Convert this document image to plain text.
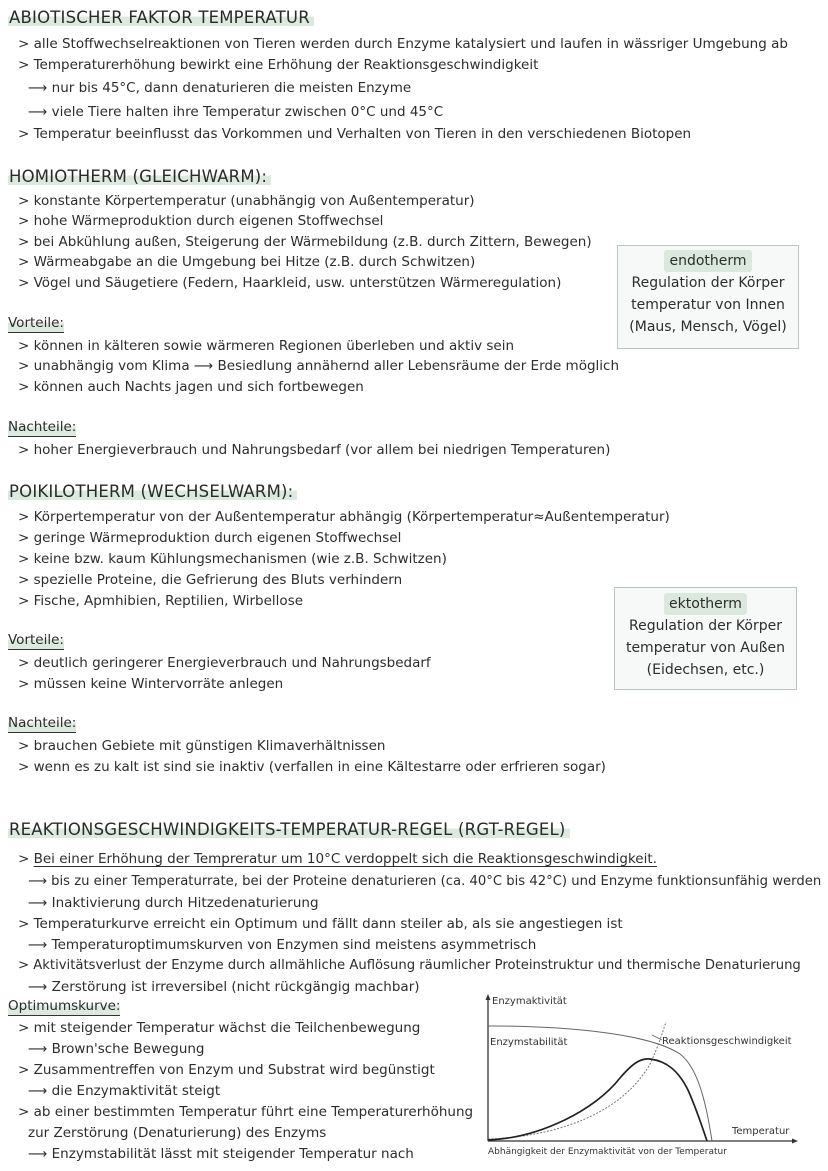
ABIOTISCHER FAKTOR TEMPERATUR
> alle Stoffwechselreaktionen von Tieren werden durch Enzyme katalysiert und laufen in wässriger Umgebung ab
> Temperaturerhöhung bewirkt eine Erhöhung der Reaktionsgeschwindigkeit
⟶ nur bis 45°C, dann denaturieren die meisten Enzyme
⟶ viele Tiere halten ihre Temperatur zwischen 0°C und 45°C
> Temperatur beeinflusst das Vorkommen und Verhalten von Tieren in den verschiedenen Biotopen
HOMIOTHERM (GLEICHWARM):
> konstante Körpertemperatur (unabhängig von Außentemperatur)
> hohe Wärmeproduktion durch eigenen Stoffwechsel
> bei Abkühlung außen, Steigerung der Wärmebildung (z.B. durch Zittern, Bewegen)
> Wärmeabgabe an die Umgebung bei Hitze (z.B. durch Schwitzen)
> Vögel und Säugetiere (Federn, Haarkleid, usw. unterstützen Wärmeregulation)
Vorteile:
> können in kälteren sowie wärmeren Regionen überleben und aktiv sein
> unabhängig vom Klima ⟶ Besiedlung annähernd aller Lebensräume der Erde möglich
> können auch Nachts jagen und sich fortbewegen
Nachteile:
> hoher Energieverbrauch und Nahrungsbedarf (vor allem bei niedrigen Temperaturen)
endotherm
Regulation der Körper
temperatur von Innen
(Maus, Mensch, Vögel)
POIKILOTHERM (WECHSELWARM):
> Körpertemperatur von der Außentemperatur abhängig (Körpertemperatur≈Außentemperatur)
> geringe Wärmeproduktion durch eigenen Stoffwechsel
> keine bzw. kaum Kühlungsmechanismen (wie z.B. Schwitzen)
> spezielle Proteine, die Gefrierung des Bluts verhindern
> Fische, Apmhibien, Reptilien, Wirbellose
Vorteile:
> deutlich geringerer Energieverbrauch und Nahrungsbedarf
> müssen keine Wintervorräte anlegen
Nachteile:
> brauchen Gebiete mit günstigen Klimaverhältnissen
> wenn es zu kalt ist sind sie inaktiv (verfallen in eine Kältestarre oder erfrieren sogar)
ektotherm
Regulation der Körper
temperatur von Außen
(Eidechsen, etc.)
REAKTIONSGESCHWINDIGKEITS-TEMPERATUR-REGEL (RGT-REGEL)
> Bei einer Erhöhung der Tempreratur um 10°C verdoppelt sich die Reaktionsgeschwindigkeit.
⟶ bis zu einer Temperaturrate, bei der Proteine denaturieren (ca. 40°C bis 42°C) und Enzyme funktionsunfähig werden
⟶ Inaktivierung durch Hitzedenaturierung
> Temperaturkurve erreicht ein Optimum und fällt dann steiler ab, als sie angestiegen ist
⟶ Temperaturoptimumskurven von Enzymen sind meistens asymmetrisch
> Aktivitätsverlust der Enzyme durch allmähliche Auflösung räumlicher Proteinstruktur und thermische Denaturierung
⟶ Zerstörung ist irreversibel (nicht rückgängig machbar)
Optimumskurve:
> mit steigender Temperatur wächst die Teilchenbewegung
⟶ Brown'sche Bewegung
> Zusammentreffen von Enzym und Substrat wird begünstigt
⟶ die Enzymaktivität steigt
> ab einer bestimmten Temperatur führt eine Temperaturerhöhung
zur Zerstörung (Denaturierung) des Enzyms
⟶ Enzymstabilität lässt mit steigender Temperatur nach
Enzymaktivität
Enzymstabilität	Reaktionsgeschwindigkeit
Temperatur
Abhängigkeit der Enzymaktivität von der Temperatur
